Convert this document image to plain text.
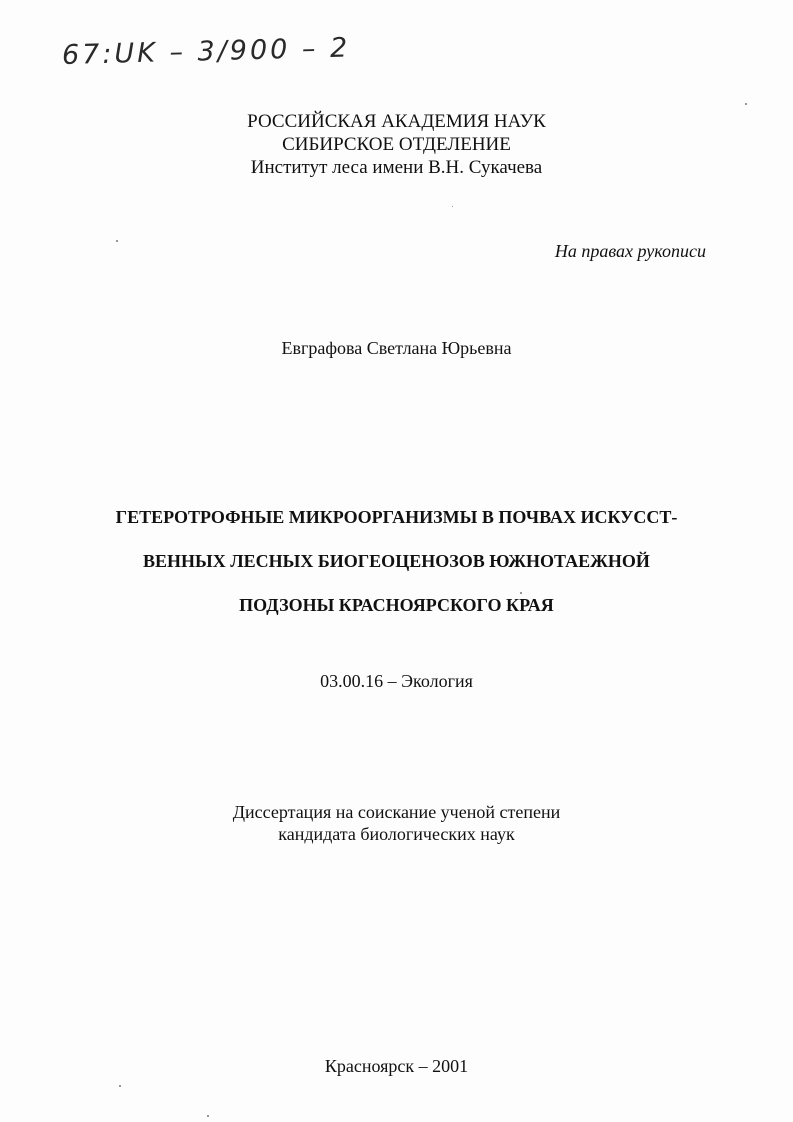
67:UK – 3/900 – 2
РОССИЙСКАЯ АКАДЕМИЯ НАУК
СИБИРСКОЕ ОТДЕЛЕНИЕ
Институт леса имени В.Н. Сукачева
На правах рукописи
Евграфова Светлана Юрьевна
ГЕТЕРОТРОФНЫЕ МИКРООРГАНИЗМЫ В ПОЧВАХ ИСКУССТ-
ВЕННЫХ ЛЕСНЫХ БИОГЕОЦЕНОЗОВ ЮЖНОТАЕЖНОЙ
ПОДЗОНЫ КРАСНОЯРСКОГО КРАЯ
03.00.16 – Экология
Диссертация на соискание ученой степени
кандидата биологических наук
Красноярск – 2001
